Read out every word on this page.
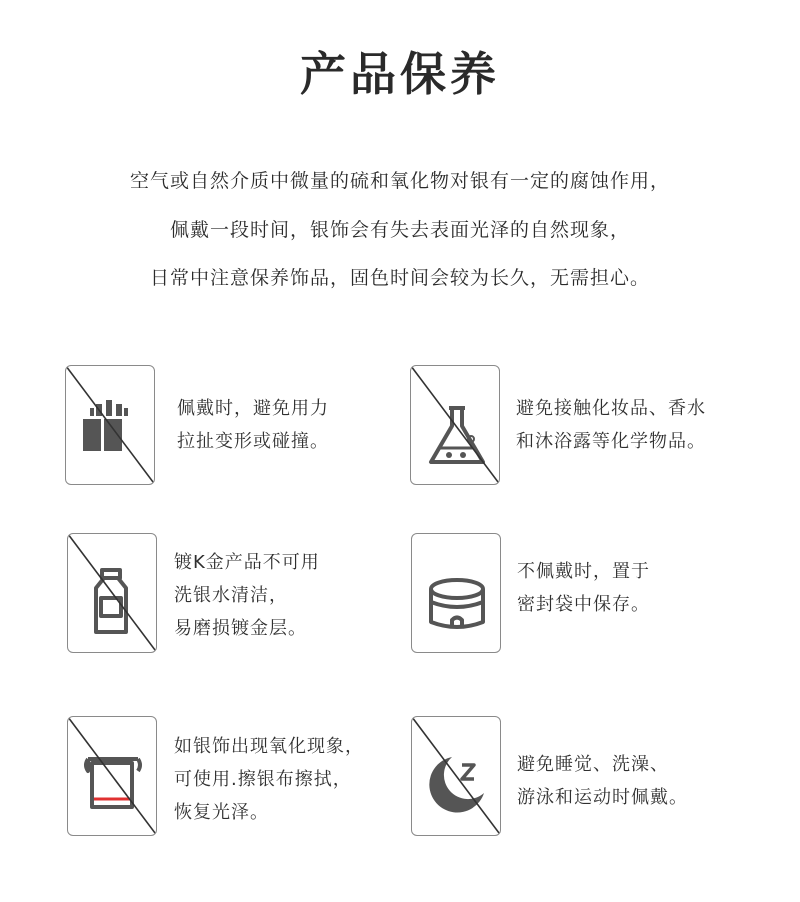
产品保养
空气或自然介质中微量的硫和氧化物对银有一定的腐蚀作用，
佩戴一段时间，银饰会有失去表面光泽的自然现象，
日常中注意保养饰品，固色时间会较为长久，无需担心。
佩戴时，避免用力
拉扯变形或碰撞。
避免接触化妆品、香水
和沐浴露等化学物品。
镀K金产品不可用
洗银水清洁，
易磨损镀金层。
不佩戴时，置于
密封袋中保存。
如银饰出现氧化现象，
可使用.擦银布擦拭，
恢复光泽。
避免睡觉、洗澡、
游泳和运动时佩戴。
